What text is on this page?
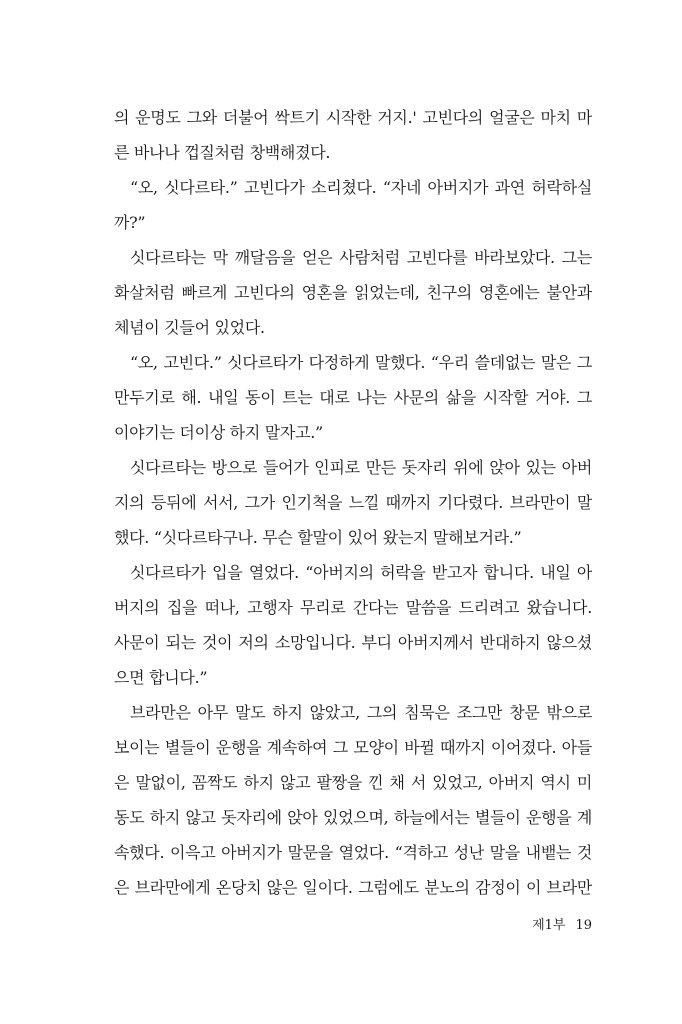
의 운명도 그와 더불어 싹트기 시작한 거지.' 고빈다의 얼굴은 마치 마
른 바나나 껍질처럼 창백해졌다.
“오, 싯다르타.” 고빈다가 소리쳤다. “자네 아버지가 과연 허락하실
까?”
싯다르타는 막 깨달음을 얻은 사람처럼 고빈다를 바라보았다. 그는
화살처럼 빠르게 고빈다의 영혼을 읽었는데, 친구의 영혼에는 불안과
체념이 깃들어 있었다.
“오, 고빈다.” 싯다르타가 다정하게 말했다. “우리 쓸데없는 말은 그
만두기로 해. 내일 동이 트는 대로 나는 사문의 삶을 시작할 거야. 그
이야기는 더이상 하지 말자고.”
싯다르타는 방으로 들어가 인피로 만든 돗자리 위에 앉아 있는 아버
지의 등뒤에 서서, 그가 인기척을 느낄 때까지 기다렸다. 브라만이 말
했다. “싯다르타구나. 무슨 할말이 있어 왔는지 말해보거라.”
싯다르타가 입을 열었다. “아버지의 허락을 받고자 합니다. 내일 아
버지의 집을 떠나, 고행자 무리로 간다는 말씀을 드리려고 왔습니다.
사문이 되는 것이 저의 소망입니다. 부디 아버지께서 반대하지 않으셨
으면 합니다.”
브라만은 아무 말도 하지 않았고, 그의 침묵은 조그만 창문 밖으로
보이는 별들이 운행을 계속하여 그 모양이 바뀔 때까지 이어졌다. 아들
은 말없이, 꼼짝도 하지 않고 팔짱을 낀 채 서 있었고, 아버지 역시 미
동도 하지 않고 돗자리에 앉아 있었으며, 하늘에서는 별들이 운행을 계
속했다. 이윽고 아버지가 말문을 열었다. “격하고 성난 말을 내뱉는 것
은 브라만에게 온당치 않은 일이다. 그럼에도 분노의 감정이 이 브라만
제1부 19
